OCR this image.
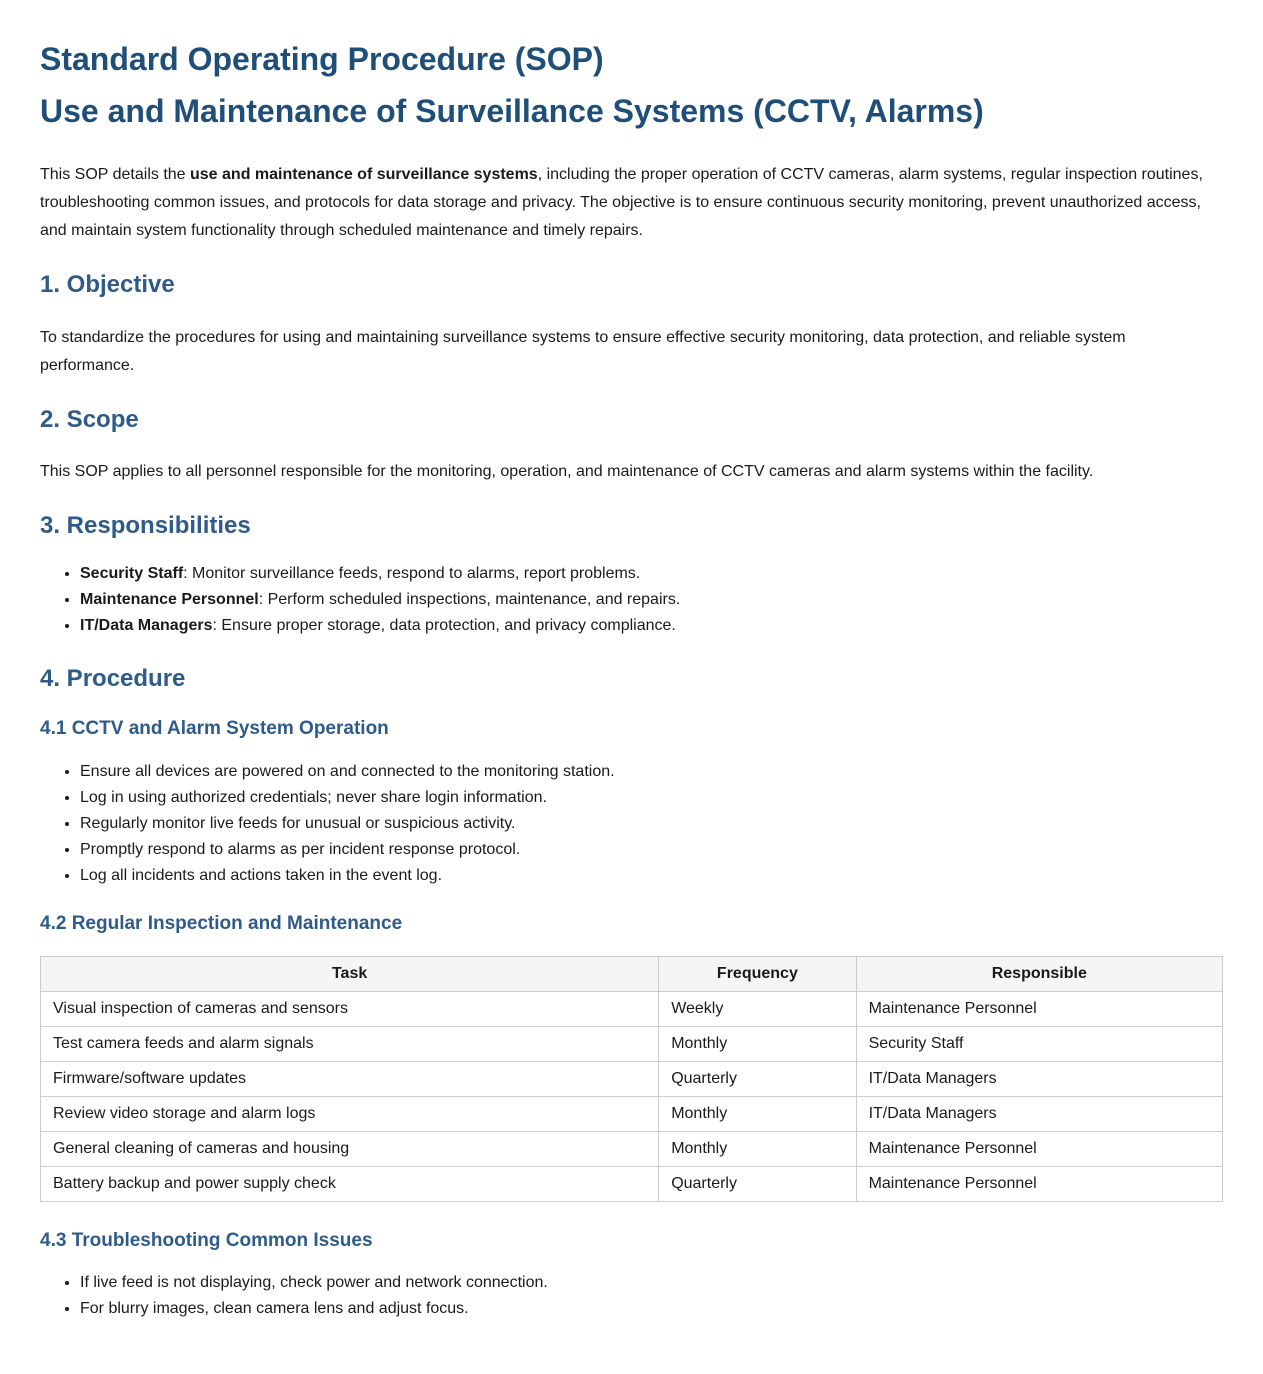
Standard Operating Procedure (SOP)
Use and Maintenance of Surveillance Systems (CCTV, Alarms)

This SOP details the use and maintenance of surveillance systems, including the proper operation of CCTV cameras, alarm systems, regular inspection routines, troubleshooting common issues, and protocols for data storage and privacy. The objective is to ensure continuous security monitoring, prevent unauthorized access, and maintain system functionality through scheduled maintenance and timely repairs.

1. Objective

To standardize the procedures for using and maintaining surveillance systems to ensure effective security monitoring, data protection, and reliable system performance.

2. Scope

This SOP applies to all personnel responsible for the monitoring, operation, and maintenance of CCTV cameras and alarm systems within the facility.

3. Responsibilities
• Security Staff: Monitor surveillance feeds, respond to alarms, report problems.
• Maintenance Personnel: Perform scheduled inspections, maintenance, and repairs.
• IT/Data Managers: Ensure proper storage, data protection, and privacy compliance.
4. Procedure
4.1 CCTV and Alarm System Operation
• Ensure all devices are powered on and connected to the monitoring station.
• Log in using authorized credentials; never share login information.
• Regularly monitor live feeds for unusual or suspicious activity.
• Promptly respond to alarms as per incident response protocol.
• Log all incidents and actions taken in the event log.
4.2 Regular Inspection and Maintenance
Task	Frequency	Responsible
Visual inspection of cameras and sensors	Weekly	Maintenance Personnel
Test camera feeds and alarm signals	Monthly	Security Staff
Firmware/software updates	Quarterly	IT/Data Managers
Review video storage and alarm logs	Monthly	IT/Data Managers
General cleaning of cameras and housing	Monthly	Maintenance Personnel
Battery backup and power supply check	Quarterly	Maintenance Personnel
4.3 Troubleshooting Common Issues
• If live feed is not displaying, check power and network connection.
• For blurry images, clean camera lens and adjust focus.
